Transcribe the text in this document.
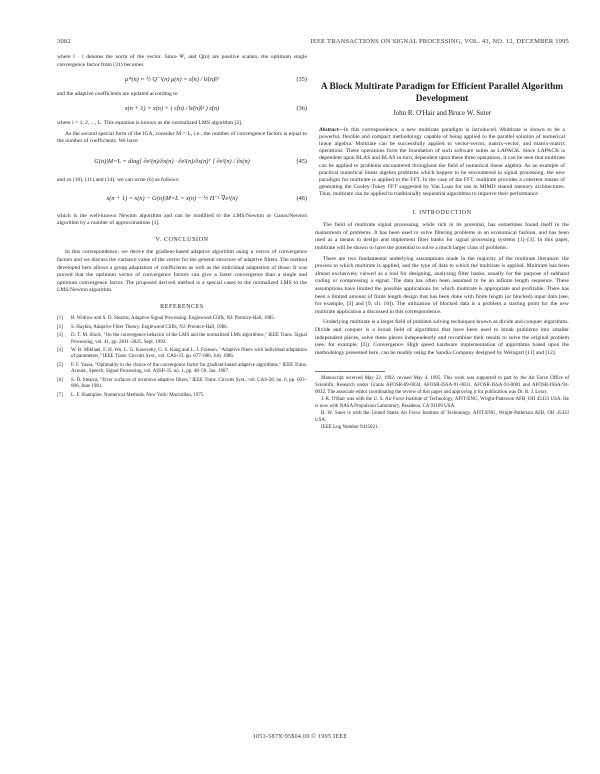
3082	IEEE TRANSACTIONS ON SIGNAL PROCESSING, VOL. 43, NO. 12, DECEMBER 1995

where ‖ · ‖ denotes the norm of the vector. Since Ψ̄₁ and Q(n) are positive scalars, the optimum single convergence factor from (31) becomes

μ*(n) = ½ Q⁻¹(n) μ(n) = ε̃(n) / ‖ε̄(n)‖²	(35)

and the adaptive coefficients are updated according to

x(n + 1) = x(n) + ( ε̃(n) / ‖ε̄(n)‖² ) ε̄(n)	(36)

where i = 1, 2, ..., L. This equation is known as the normalized LMS algorithm [2].

As the second special form of the IGA, consider M = L, i.e., the number of convergence factors is equal to the number of coefficients. We have

G(n)|M=L = diag[ ∂e²(n)/∂x(n) · ∂e²(n)/∂x(n)ᵀ ] ∂e²(n) / ∂x(n)	(45)

and so (10), (11) and (14), we can write (6) as follows:

x(n + 1) = x(n) − G(n)|M=L = x(n) − ½ H⁻¹ ∇e²(n)	(46)

which is the well-known Newton algorithm and can be modified to the LMS/Newton or Gauss/Newton algorithm by a number of approximations [1].

V. CONCLUSION

In this correspondence, we derive the gradient-based adaptive algorithm using a vector of convergence factors and we discuss the variance value of the vector for the general structure of adaptive filters. The method developed here allows a group adaptation of coefficients as well as the individual adaptation of those. It was proved that the optimum vector of convergence factors can give a faster convergence than a single and optimum convergence factor. The proposed derived method is a special cases to the normalized LMS to the LMS/Newton algorithm.

REFERENCES
[1]	B. Widrow and S. D. Stearns, Adaptive Signal Processing. Englewood Cliffs, NJ: Prentice-Hall, 1985.
[2]	S. Haykin, Adaptive Filter Theory. Englewood Cliffs, NJ: Prentice-Hall, 1986.
[3]	D. T. M. Slock, "On the convergence behavior of the LMS and the normalized LMS algorithms," IEEE Trans. Signal Processing, vol. 41, pp. 2811–2825, Sept. 1993.
[4]	W. B. Mikhael, F. H. Wu, L. G. Kazovsky, G. S. Kang and L. J. Fransen, "Adaptive filters with individual adaptation of parameters," IEEE Trans. Circuits Syst., vol. CAS-33, pp. 677–686, July 1986.
[5]	F. F. Yassa, "Optimality in the choice of the convergence factor for gradient-based adaptive algorithms," IEEE Trans. Acoust., Speech, Signal Processing, vol. ASSP-35, no. 1, pp. 48–59, Jan. 1987.
[6]	S. D. Stearns, "Error surfaces of recursive adaptive filters," IEEE Trans. Circuits Syst., vol. CAS-28, no. 6, pp. 603–606, June 1981.
[7]	L. F. Shampine, Numerical Methods. New York: Macmillan, 1975.
A Block Multirate Paradigm for Efficient Parallel Algorithm Development
John R. O'Hair and Bruce W. Suter
Abstract—In this correspondence, a new multirate paradigm is introduced. Multirate is shown to be a powerful, flexible and compact methodology capable of being applied to the parallel solution of numerical linear algebra. Multirate can be successfully applied to vector-vector, matrix-vector, and matrix-matrix operations. These operations form the foundation of such software suites as LAPACK. Since LAPACK is dependent upon BLAS and BLAS in turn, dependent upon these three operations, it can be seen that multirate can be applied to problems encountered throughout the field of numerical linear algebra. As an example of practical numerical linear algebra problems which happen to be encountered in signal processing, the new paradigm for multirate is applied to the FFT. In the case of the FFT, multirate provides a coherent means of generating the Cooley-Tukey FFT suggested by Van Loan for use in MIMD shared memory architectures. Thus, multirate can be applied to traditionally sequential algorithms to improve their performance.
I. INTRODUCTION

The field of multirate signal processing, while rich in its potential, has sometimes found itself in the mainstream of problems. It has been used to solve filtering problems in an economical fashion, and has been used as a means to design and implement filter banks for signal processing systems [1]–[3]. In this paper, multirate will be shown to have the potential to solve a much larger class of problems.

There are two fundamental underlying assumptions made in the majority of the multirate literature: the process to which multirate is applied, and the type of data to which the multirate is applied. Multirate has been almost exclusively viewed as a tool for designing, analyzing filter banks, usually for the purpose of subband coding or compressing a signal. The data has often been assumed to be an infinite length sequence. These assumptions have limited the possible applications for which multirate is appropriate and profitable. There has been a limited amount of finite length design that has been done with finite length (or blocked) input data (see, for example, [3] and [9, ch. 10]). The utilization of blocked data is a problem a starting point for the new multirate application a discussed in this correspondence.

Underlying multirate is a larger field of problem solving techniques known as divide and conquer algorithms. Divide and conquer is a broad field of algorithms that have been used to break problems into smaller independent pieces, solve these pieces independently and recombine their results to solve the original problem (see, for example, [2]). Convergence. High speed hardware implementation of algorithms based upon the methodology presented here, can be readily using the Sandia Company designed by Weingart [11] and [12].

Manuscript received May 22, 1992; revised May 4, 1995. This work was supported in part by the Air Force Office of Scientific Research under Grants AFOSR-89-0034, AFOSR-ISSA-91-0031, AFOSR-ISSA-93-0001 and AFOSR-ISSA-94-0032. The associate editor coordinating the review of this paper and approving it for publication was Dr. R. J. Leary.

J. R. O'Hair was with the U. S. Air Force Institute of Technology, AFIT/ENG, Wright-Patterson AFB, OH 45433 USA. He is now with NASA Propulsion Laboratory, Pasadena, CA 91109 USA.

B. W. Suter is with the United States Air Force Institute of Technology, AFIT/ENG, Wright-Patterson AFB, OH 45433 USA.

IEEE Log Number 9415021.

1053-587X/95$04.00 © 1995 IEEE
